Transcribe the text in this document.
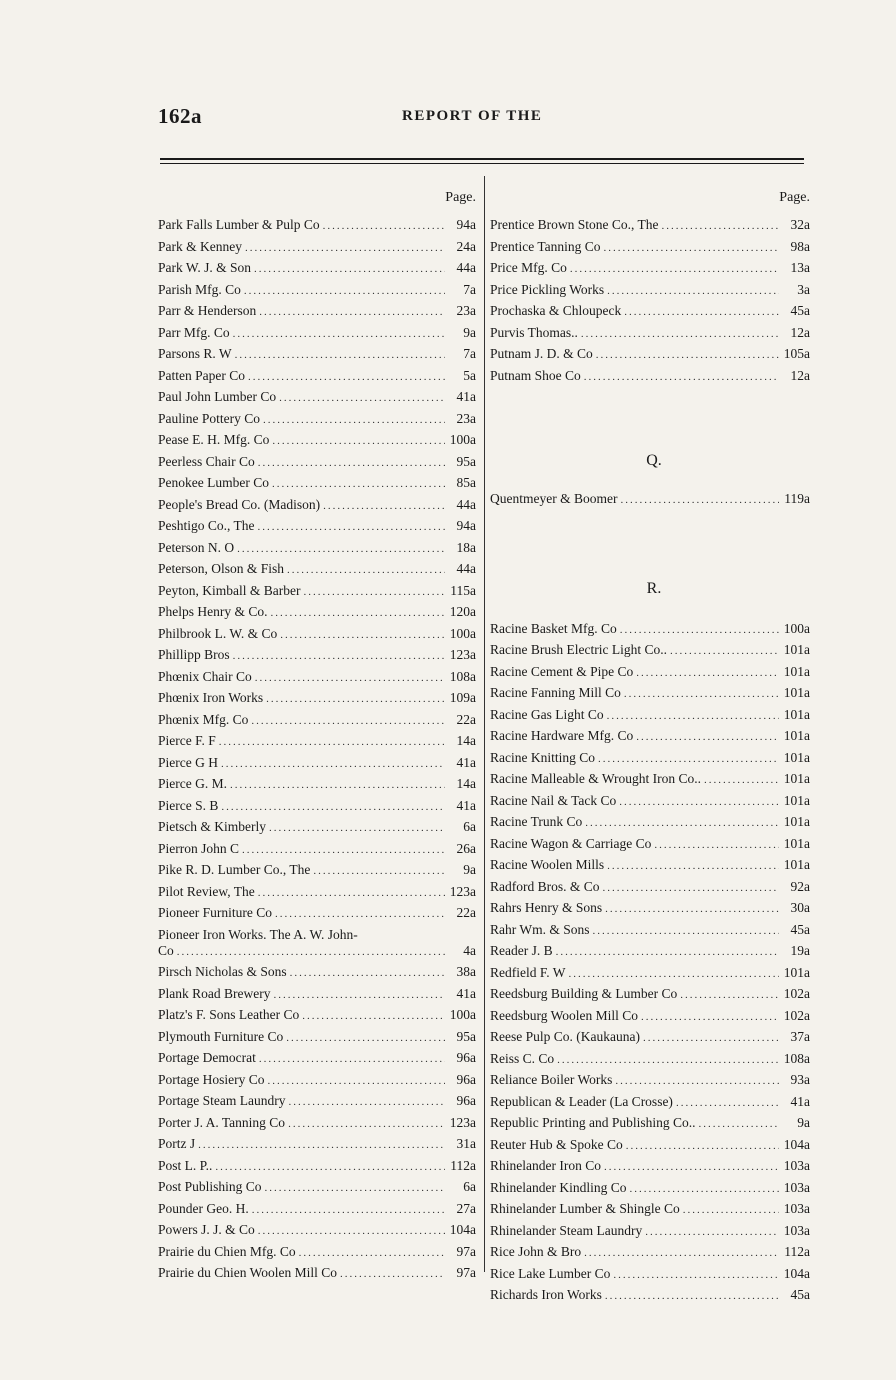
162a	REPORT OF THE
Page.
Park Falls Lumber & Pulp Co .....	94a
Park & Kenney .....	24a
Park W. J. & Son .....	44a
Parish Mfg. Co .....	7a
Parr & Henderson .....	23a
Parr Mfg. Co .....	9a
Parsons R. W .....	7a
Patten Paper Co .....	5a
Paul John Lumber Co .....	41a
Pauline Pottery Co .....	23a
Pease E. H. Mfg. Co .....	100a
Peerless Chair Co .....	95a
Penokee Lumber Co .....	85a
People's Bread Co. (Madison) .....	44a
Peshtigo Co., The .....	94a
Peterson N. O .....	18a
Peterson, Olson & Fish .....	44a
Peyton, Kimball & Barber .....	115a
Phelps Henry & Co. .....	120a
Philbrook L. W. & Co .....	100a
Phillipp Bros .....	123a
Phœnix Chair Co .....	108a
Phœnix Iron Works .....	109a
Phœnix Mfg. Co .....	22a
Pierce F. F .....	14a
Pierce G H .....	41a
Pierce G. M. .....	14a
Pierce S. B .....	41a
Pietsch & Kimberly .....	6a
Pierron John C .....	26a
Pike R. D. Lumber Co., The .....	9a
Pilot Review, The .....	123a
Pioneer Furniture Co .....	22a
Pioneer Iron Works. The A. W. John-
Co .....	4a
Pirsch Nicholas & Sons .....	38a
Plank Road Brewery .....	41a
Platz's F. Sons Leather Co .....	100a
Plymouth Furniture Co .....	95a
Portage Democrat .....	96a
Portage Hosiery Co .....	96a
Portage Steam Laundry .....	96a
Porter J. A. Tanning Co .....	123a
Portz J .....	31a
Post L. P.. .....	112a
Post Publishing Co .....	6a
Pounder Geo. H. .....	27a
Powers J. J. & Co .....	104a
Prairie du Chien Mfg. Co .....	97a
Prairie du Chien Woolen Mill Co .....	97a
Page.
Prentice Brown Stone Co., The .....	32a
Prentice Tanning Co .....	98a
Price Mfg. Co .....	13a
Price Pickling Works .....	3a
Prochaska & Chloupeck .....	45a
Purvis Thomas.. .....	12a
Putnam J. D. & Co .....	105a
Putnam Shoe Co .....	12a
Q.
Quentmeyer & Boomer .....	119a
R.
Racine Basket Mfg. Co .....	100a
Racine Brush Electric Light Co.. .....	101a
Racine Cement & Pipe Co .....	101a
Racine Fanning Mill Co .....	101a
Racine Gas Light Co .....	101a
Racine Hardware Mfg. Co .....	101a
Racine Knitting Co .....	101a
Racine Malleable & Wrought Iron Co.. .....	101a
Racine Nail & Tack Co .....	101a
Racine Trunk Co .....	101a
Racine Wagon & Carriage Co .....	101a
Racine Woolen Mills .....	101a
Radford Bros. & Co .....	92a
Rahrs Henry & Sons .....	30a
Rahr Wm. & Sons .....	45a
Reader J. B .....	19a
Redfield F. W .....	101a
Reedsburg Building & Lumber Co .....	102a
Reedsburg Woolen Mill Co .....	102a
Reese Pulp Co. (Kaukauna) .....	37a
Reiss C. Co .....	108a
Reliance Boiler Works .....	93a
Republican & Leader (La Crosse) .....	41a
Republic Printing and Publishing Co.. .....	9a
Reuter Hub & Spoke Co .....	104a
Rhinelander Iron Co .....	103a
Rhinelander Kindling Co .....	103a
Rhinelander Lumber & Shingle Co .....	103a
Rhinelander Steam Laundry .....	103a
Rice John & Bro .....	112a
Rice Lake Lumber Co .....	104a
Richards Iron Works .....	45a
